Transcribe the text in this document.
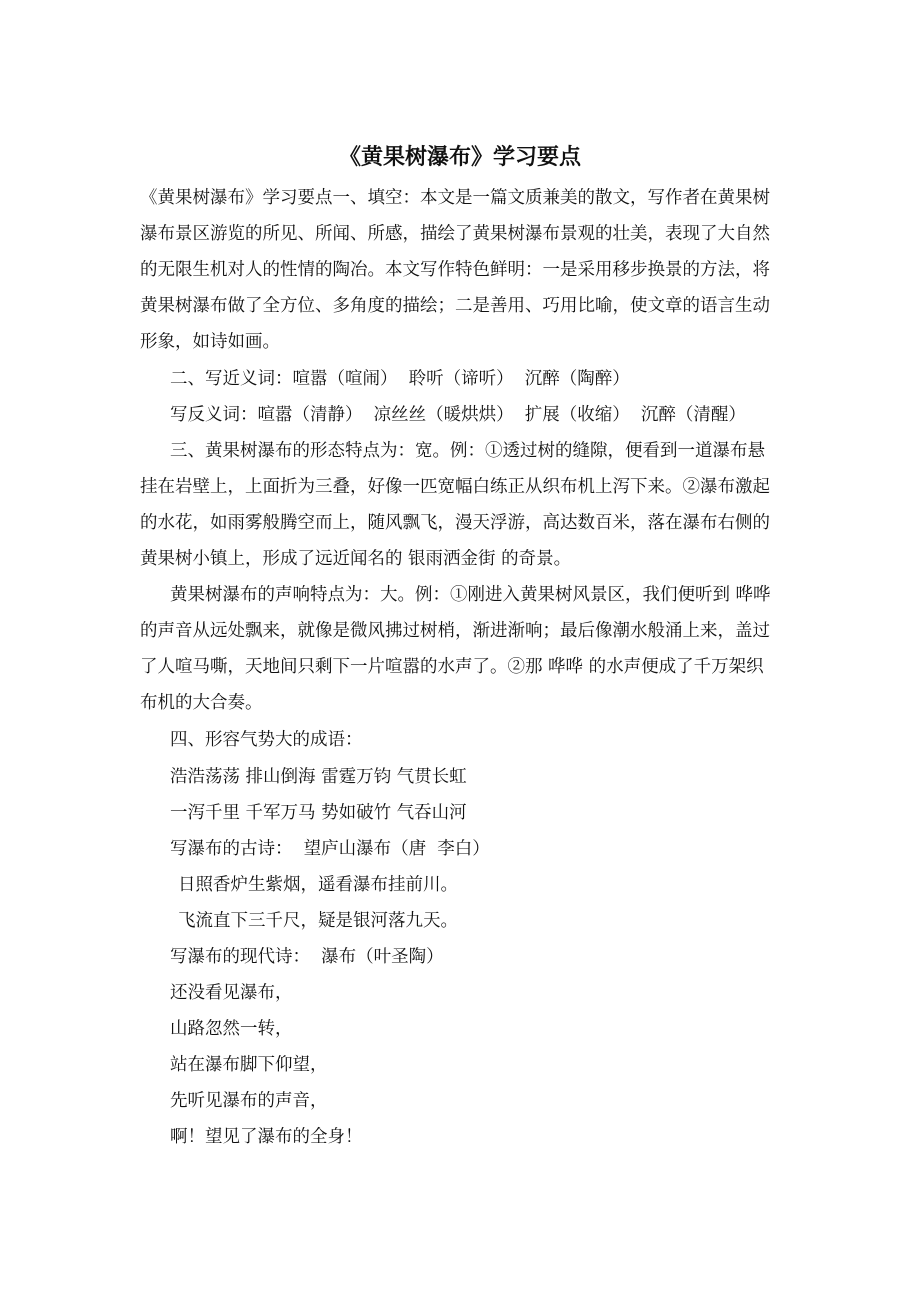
《黄果树瀑布》学习要点

《黄果树瀑布》学习要点一、填空：本文是一篇文质兼美的散文，写作者在黄果树瀑布景区游览的所见、所闻、所感，描绘了黄果树瀑布景观的壮美，表现了大自然的无限生机对人的性情的陶冶。本文写作特色鲜明：一是采用移步换景的方法，将黄果树瀑布做了全方位、多角度的描绘；二是善用、巧用比喻，使文章的语言生动形象，如诗如画。

二、写近义词：喧嚣（喧闹）  聆听（谛听）  沉醉（陶醉）
写反义词：喧嚣（清静）  凉丝丝（暖烘烘）  扩展（收缩）  沉醉（清醒）

三、黄果树瀑布的形态特点为：宽。例：①透过树的缝隙，便看到一道瀑布悬挂在岩壁上，上面折为三叠，好像一匹宽幅白练正从织布机上泻下来。②瀑布激起的水花，如雨雾般腾空而上，随风飘飞，漫天浮游，高达数百米，落在瀑布右侧的黄果树小镇上，形成了远近闻名的 银雨洒金街 的奇景。

黄果树瀑布的声响特点为：大。例：①刚进入黄果树风景区，我们便听到 哗哗 的声音从远处飘来，就像是微风拂过树梢，渐进渐响；最后像潮水般涌上来，盖过了人喧马嘶，天地间只剩下一片喧嚣的水声了。②那 哗哗 的水声便成了千万架织布机的大合奏。

四、形容气势大的成语：
浩浩荡荡 排山倒海 雷霆万钧 气贯长虹
一泻千里 千军万马 势如破竹 气吞山河
写瀑布的古诗：  望庐山瀑布（唐  李白）
日照香炉生紫烟，遥看瀑布挂前川。
飞流直下三千尺，疑是银河落九天。
写瀑布的现代诗：  瀑布（叶圣陶）
还没看见瀑布，
山路忽然一转，
站在瀑布脚下仰望，
先听见瀑布的声音，
啊！望见了瀑布的全身！
